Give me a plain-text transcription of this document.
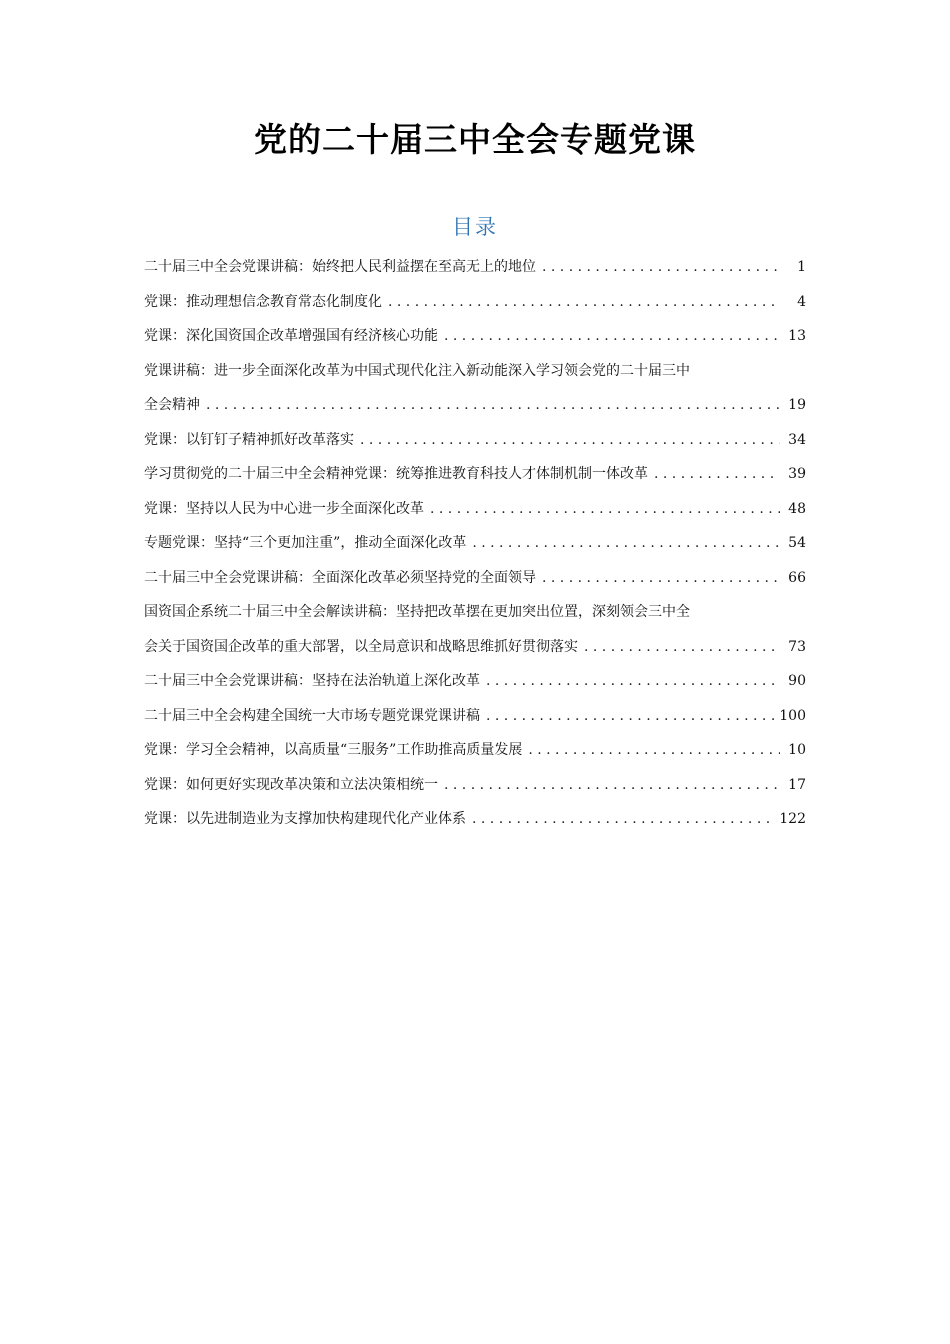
党的二十届三中全会专题党课
目录
二十届三中全会党课讲稿：始终把人民利益摆在至高无上的地位 . . .	1
党课：推动理想信念教育常态化制度化 . . .	4
党课：深化国资国企改革增强国有经济核心功能 . . .	13
党课讲稿：进一步全面深化改革为中国式现代化注入新动能深入学习领会党的二十届三中
全会精神 . . .	19
党课：以钉钉子精神抓好改革落实 . . .	34
学习贯彻党的二十届三中全会精神党课：统筹推进教育科技人才体制机制一体改革 . . .	39
党课：坚持以人民为中心进一步全面深化改革 . . .	48
专题党课：坚持“三个更加注重”，推动全面深化改革 . . .	54
二十届三中全会党课讲稿：全面深化改革必须坚持党的全面领导 . . .	66
国资国企系统二十届三中全会解读讲稿：坚持把改革摆在更加突出位置，深刻领会三中全
会关于国资国企改革的重大部署，以全局意识和战略思维抓好贯彻落实 . . .	73
二十届三中全会党课讲稿：坚持在法治轨道上深化改革 . . .	90
二十届三中全会构建全国统一大市场专题党课党课讲稿 . . .	100
党课：学习全会精神，以高质量“三服务”工作助推高质量发展 . . .	10
党课：如何更好实现改革决策和立法决策相统一 . . .	17
党课：以先进制造业为支撑加快构建现代化产业体系 . . .	122
